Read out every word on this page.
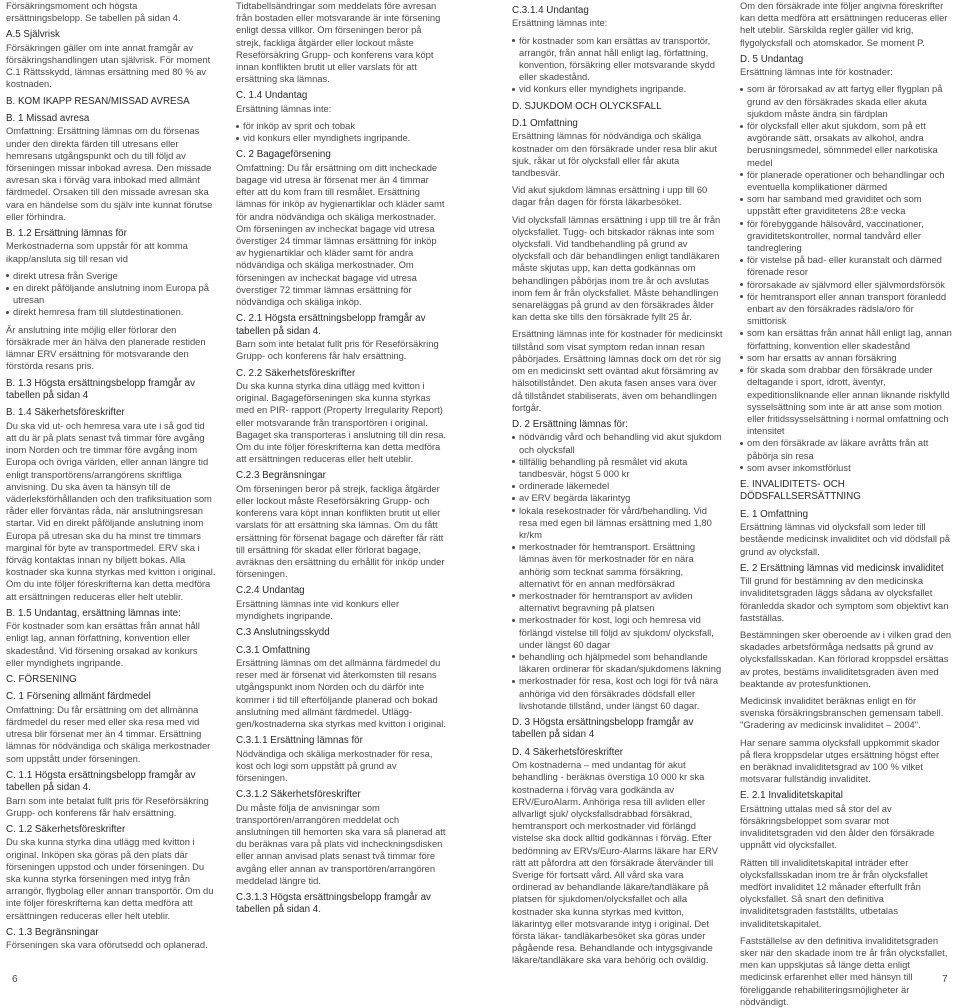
Försäkringsmoment och högsta ersättningsbelopp. Se tabellen på sidan 4.

A.5 Självrisk

Försäkringen gäller om inte annat framgår av försäkringshandlingen utan självrisk. För moment C.1 Rättsskydd, lämnas ersättning med 80 % av kostnaden.

B. KOM IKAPP RESAN/MISSAD AVRESA
B. 1 Missad avresa

Omfattning: Ersättning lämnas om du försenas under den direkta färden till utresans eller hemresans utgångspunkt och du till följd av förseningen missar inbokad avresa. Den missade avresan ska i förväg vara inbokad med allmänt färdmedel. Orsaken till den missade avresan ska vara en händelse som du själv inte kunnat förutse eller förhindra.

B. 1.2 Ersättning lämnas för

Merkostnaderna som uppstår för att komma ikapp/ansluta sig till resan vid

direkt utresa från Sverige
en direkt påföljande anslutning inom Europa på utresan
direkt hemresa fram till slutdestinationen.

Är anslutning inte möjlig eller förlorar den försäkrade mer än hälva den planerade restiden lämnar ERV ersättning för motsvarande den förstörda resans pris.

B. 1.3 Högsta ersättningsbelopp framgår av tabellen på sidan 4
B. 1.4 Säkerhetsföreskrifter

Du ska vid ut- och hemresa vara ute i så god tid att du är på plats senast två timmar före avgång inom Norden och tre timmar före avgång inom Europa och övriga världen, eller annan längre tid enligt transportörens/arrangörens skriftliga anvisning. Du ska även ta hänsyn till de väderleksförhållanden och den trafiksituation som råder eller förväntas råda, när anslutningsresan startar. Vid en direkt påföljande anslutning inom Europa på utresan ska du ha minst tre timmars marginal för byte av transportmedel. ERV ska i förväg kontaktas innan ny biljett bokas. Alla kostnader ska kunna styrkas med kvitton i original. Om du inte följer föreskrifterna kan detta medföra att ersättningen reduceras eller helt uteblir.

B. 1.5 Undantag, ersättning lämnas inte:

För kostnader som kan ersättas från annat håll enligt lag, annan författning, konvention eller skadestånd. Vid försening orsakad av konkurs eller myndighets ingripande.

C. FÖRSENING
C. 1 Försening allmänt färdmedel

Omfattning: Du får ersättning om det allmänna färdmedel du reser med eller ska resa med vid utresa blir försenat mer än 4 timmar. Ersättning lämnas för nödvändiga och skäliga merkostnader som uppstått under förseningen.

C. 1.1 Högsta ersättningsbelopp framgår av tabellen på sidan 4.

Barn som inte betalat fullt pris för Reseförsäkring Grupp- och konferens får halv ersättning.

C. 1.2 Säkerhetsföreskrifter

Du ska kunna styrka dina utlägg med kvitton i original. Inköpen ska göras på den plats där förseningen uppstod och under förseningen. Du ska kunna styrka förseningen med intyg från arrangör, flygbolag eller annan transportör. Om du inte följer föreskrifterna kan detta medföra att ersättningen reduceras eller helt uteblir.

C. 1.3 Begränsningar

Förseningen ska vara oförutsedd och oplanerad.

Tidtabellsändringar som meddelats före avresan från bostaden eller motsvarande är inte försening enligt dessa villkor. Om förseningen beror på strejk, fackliga åtgärder eller lockout måste Reseförsäkring Grupp- och konferens vara köpt innan konflikten brutit ut eller varslats för att ersättning ska lämnas.

C. 1.4 Undantag

Ersättning lämnas inte:

för inköp av sprit och tobak
vid konkurs eller myndighets ingripande.
C. 2 Bagageförsening

Omfattning: Du får ersättning om ditt incheckade bagage vid utresa är försenat mer än 4 timmar efter att du kom fram till resmålet. Ersättning lämnas för inköp av hygienartiklar och kläder samt för andra nödvändiga och skäliga merkostnader. Om förseningen av incheckat bagage vid utresa överstiger 24 timmar lämnas ersättning för inköp av hygienartiklar och kläder samt för andra nödvändiga och skäliga merkostnader. Om förseningen av incheckat bagage vid utresa överstiger 72 timmar lämnas ersättning för nödvändiga och skäliga inköp.

C. 2.1 Högsta ersättningsbelopp framgår av tabellen på sidan 4.

Barn som inte betalat fullt pris för Reseförsäkring Grupp- och konferens får halv ersättning.

C. 2.2 Säkerhetsföreskrifter

Du ska kunna styrka dina utlägg med kvitton i original. Bagageförseningen ska kunna styrkas med en PIR- rapport (Property Irregularity Report) eller motsvarande från transportören i original. Bagaget ska transporteras i anslutning till din resa. Om du inte följer föreskrifterna kan detta medföra att ersättningen reduceras eller helt uteblir.

C.2.3 Begränsningar

Om förseningen beror på strejk, fackliga åtgärder eller lockout måste Reseförsäkring Grupp- och konferens vara köpt innan konflikten brutit ut eller varslats för att ersättning ska lämnas. Om du fått ersättning för försenat bagage och därefter får rätt till ersättning för skadat eller förlorat bagage, avräknas den ersättning du erhållit för inköp under förseningen.

C.2.4 Undantag

Ersättning lämnas inte vid konkurs eller myndighets ingripande.

C.3 Anslutningsskydd
C.3.1 Omfattning

Ersättning lämnas om det allmänna färdmedel du reser med är försenat vid återkomsten till resans utgångspunkt inom Norden och du därför inte kommer i tid till efterföljande planerad och bokad anslutning med allmänt färdmedel. Utlägg- gen/kostnaderna ska styrkas med kvitton i original.

C.3.1.1 Ersättning lämnas för

Nödvändiga och skäliga merkostnader för resa, kost och logi som uppstått på grund av förseningen.

C.3.1.2 Säkerhetsföreskrifter

Du måste följa de anvisningar som transportören/arrangören meddelat och anslutningen till hemorten ska vara så planerad att du beräknas vara på plats vid incheckningsdisken eller annan anvisad plats senast två timmar före avgång eller annan av transportören/arrangören meddelad längre tid.

C.3.1.3 Högsta ersättningsbelopp framgår av tabellen på sidan 4.
C.3.1.4 Undantag

Ersättning lämnas inte:

för kostnader som kan ersättas av transportör, arrangör, från annat håll enligt lag, författning, konvention, försäkring eller motsvarande skydd eller skadestånd.
vid konkurs eller myndighets ingripande.
D. SJUKDOM OCH OLYCKSFALL
D.1 Omfattning

Ersättning lämnas för nödvändiga och skäliga kostnader om den försäkrade under resa blir akut sjuk, råkar ut för olycksfall eller får akuta tandbesvär.

Vid akut sjukdom lämnas ersättning i upp till 60 dagar från dagen för första läkarbesöket.

Vid olycksfall lämnas ersättning i upp till tre år från olycksfallet. Tugg- och bitskador räknas inte som olycksfall. Vid tandbehandling på grund av olycksfall och där behandlingen enligt tandläkaren måste skjutas upp, kan detta godkännas om behandlingen påbörjas inom tre år och avslutas inom fem år från olycksfallet. Måste behandlingen senareläggas på grund av den försäkrades ålder kan detta ske tills den försäkrade fyllt 25 år.

Ersättning lämnas inte för kostnader för medicinskt tillstånd som visat symptom redan innan resan påbörjades. Ersättning lämnas dock om det rör sig om en medicinskt sett oväntad akut försämring av hälsotillståndet. Den akuta fasen anses vara över då tillståndet stabiliserats, även om behandlingen fortgår.

D. 2 Ersättning lämnas för:
nödvändig vård och behandling vid akut sjukdom och olycksfall
tillfällig behandling på resmålet vid akuta tandbesvär, högst 5 000 kr
ordinerade läkemedel
av ERV begärda läkarintyg
lokala resekostnader för vård/behandling. Vid resa med egen bil lämnas ersättning med 1,80 kr/km
merkostnader för hemtransport. Ersättning lämnas även för merkostnader för en nära anhörig som tecknat samma försäkring, alternativt för en annan medförsäkrad
merkostnader för hemtransport av avliden alternativt begravning på platsen
merkostnader för kost, logi och hemresa vid förlängd vistelse till följd av sjukdom/ olycksfall, under längst 60 dagar
behandling och hjälpmedel som behandlande läkaren ordinerar för skadan/sjukdomens läkning
merkostnader för resa, kost och logi för två nära anhöriga vid den försäkrades dödsfall eller livshotande tillstånd, under längst 60 dagar.
D. 3 Högsta ersättningsbelopp framgår av tabellen på sidan 4
D. 4 Säkerhetsföreskrifter

Om kostnaderna – med undantag för akut behandling - beräknas överstiga 10 000 kr ska kostnaderna i förväg vara godkända av ERV/EuroAlarm. Anhöriga resa till avliden eller allvarligt sjuk/ olycksfallsdrabbad försäkrad, hemtransport och merkostnader vid förlängd vistelse ska dock alltid godkännas i förväg. Efter bedömning av ERVs/Euro-Alarms läkare har ERV rätt att påfordra att den försäkrade återvänder till Sverige för fortsatt vård. All vård ska vara ordinerad av behandlande läkare/tandläkare på platsen för sjukdomen/olycksfallet och alla kostnader ska kunna styrkas med kvitton, läkarintyg eller motsvarande intyg i original. Det första läkar- tandläkarbesöket ska göras under pågående resa. Behandlande och intygsgivande läkare/tandläkare ska vara behörig och oväldig.

Om den försäkrade inte följer angivna föreskrifter kan detta medföra att ersättningen reduceras eller helt uteblir. Särskilda regler gäller vid krig, flygolycksfall och atomskador. Se moment P.

D. 5 Undantag

Ersättning lämnas inte för kostnader:

som är förorsakad av att fartyg eller flygplan på grund av den försäkrades skada eller akuta sjukdom måste ändra sin färdplan
för olycksfall eller akut sjukdom, som på ett avgörande sätt, orsakats av alkohol, andra berusningsmedel, sömnmedel eller narkotiska medel
för planerade operationer och behandlingar och eventuella komplikationer därmed
som har samband med graviditet och som uppstått efter graviditetens 28:e vecka
för förebyggande hälsovård, vaccinationer, graviditetskontroller, normal tandvård eller tandreglering
för vistelse på bad- eller kuranstalt och därmed förenade resor
förorsakade av självmord eller självmordsförsök
för hemtransport eller annan transport föranledd enbart av den försäkrades rädsla/oro för smittorisk
som kan ersättas från annat håll enligt lag, annan författning, konvention eller skadestånd
som har ersatts av annan försäkring
för skada som drabbar den försäkrade under deltagande i sport, idrott, äventyr, expeditionsliknande eller annan liknande riskfylld sysselsättning som inte är att anse som motion eller fritidssysselsättning i normal omfattning och intensitet
om den försäkrade av läkare avråtts från att påbörja sin resa
som avser inkomstförlust
E. INVALIDITETS- OCH DÖDSFALLSERSÄTTNING
E. 1 Omfattning

Ersättning lämnas vid olycksfall som leder till bestående medicinsk invaliditet och vid dödsfall på grund av olycksfall.

E. 2 Ersättning lämnas vid medicinsk invaliditet

Till grund för bestämning av den medicinska invaliditetsgraden läggs sådana av olycksfallet föranledda skador och symptom som objektivt kan fastställas.

Bestämningen sker oberoende av i vilken grad den skadades arbetsförmåga nedsatts på grund av olycksfallsskadan. Kan förlorad kroppsdel ersättas av protes, bestäms invaliditetsgraden även med beaktande av protesfunktionen.

Medicinsk invaliditet beräknas enligt en för svenska försäkringsbranschen gemensam tabell. "Gradering av medicinsk invaliditet – 2004".

Har senare samma olycksfall uppkommit skador på flera kroppsdelar utges ersättning högst efter en beräknad invaliditetsgrad av 100 % vilket motsvarar fullständig invaliditet.

E. 2.1 Invaliditetskapital

Ersättning uttalas med så stor del av försäkringsbeloppet som svarar mot invaliditetsgraden vid den ålder den försäkrade uppnått vid olycksfallet.

Rätten till invaliditetskapital inträder efter olycksfallsskadan inom tre år från olycksfallet medfört invaliditet 12 månader efterfullt från olycksfallet. Så snart den definitiva invaliditetsgraden fastställts, utbetalas invaliditetskapitalet.

Fastställelse av den definitiva invaliditetsgraden sker när den skadade inom tre år från olycksfallet, men kan uppskjutas så länge detta enligt medicinsk erfarenhet eller med hänsyn till föreliggande rehabiliteringsmöjligheter är nödvändigt.

6	7
